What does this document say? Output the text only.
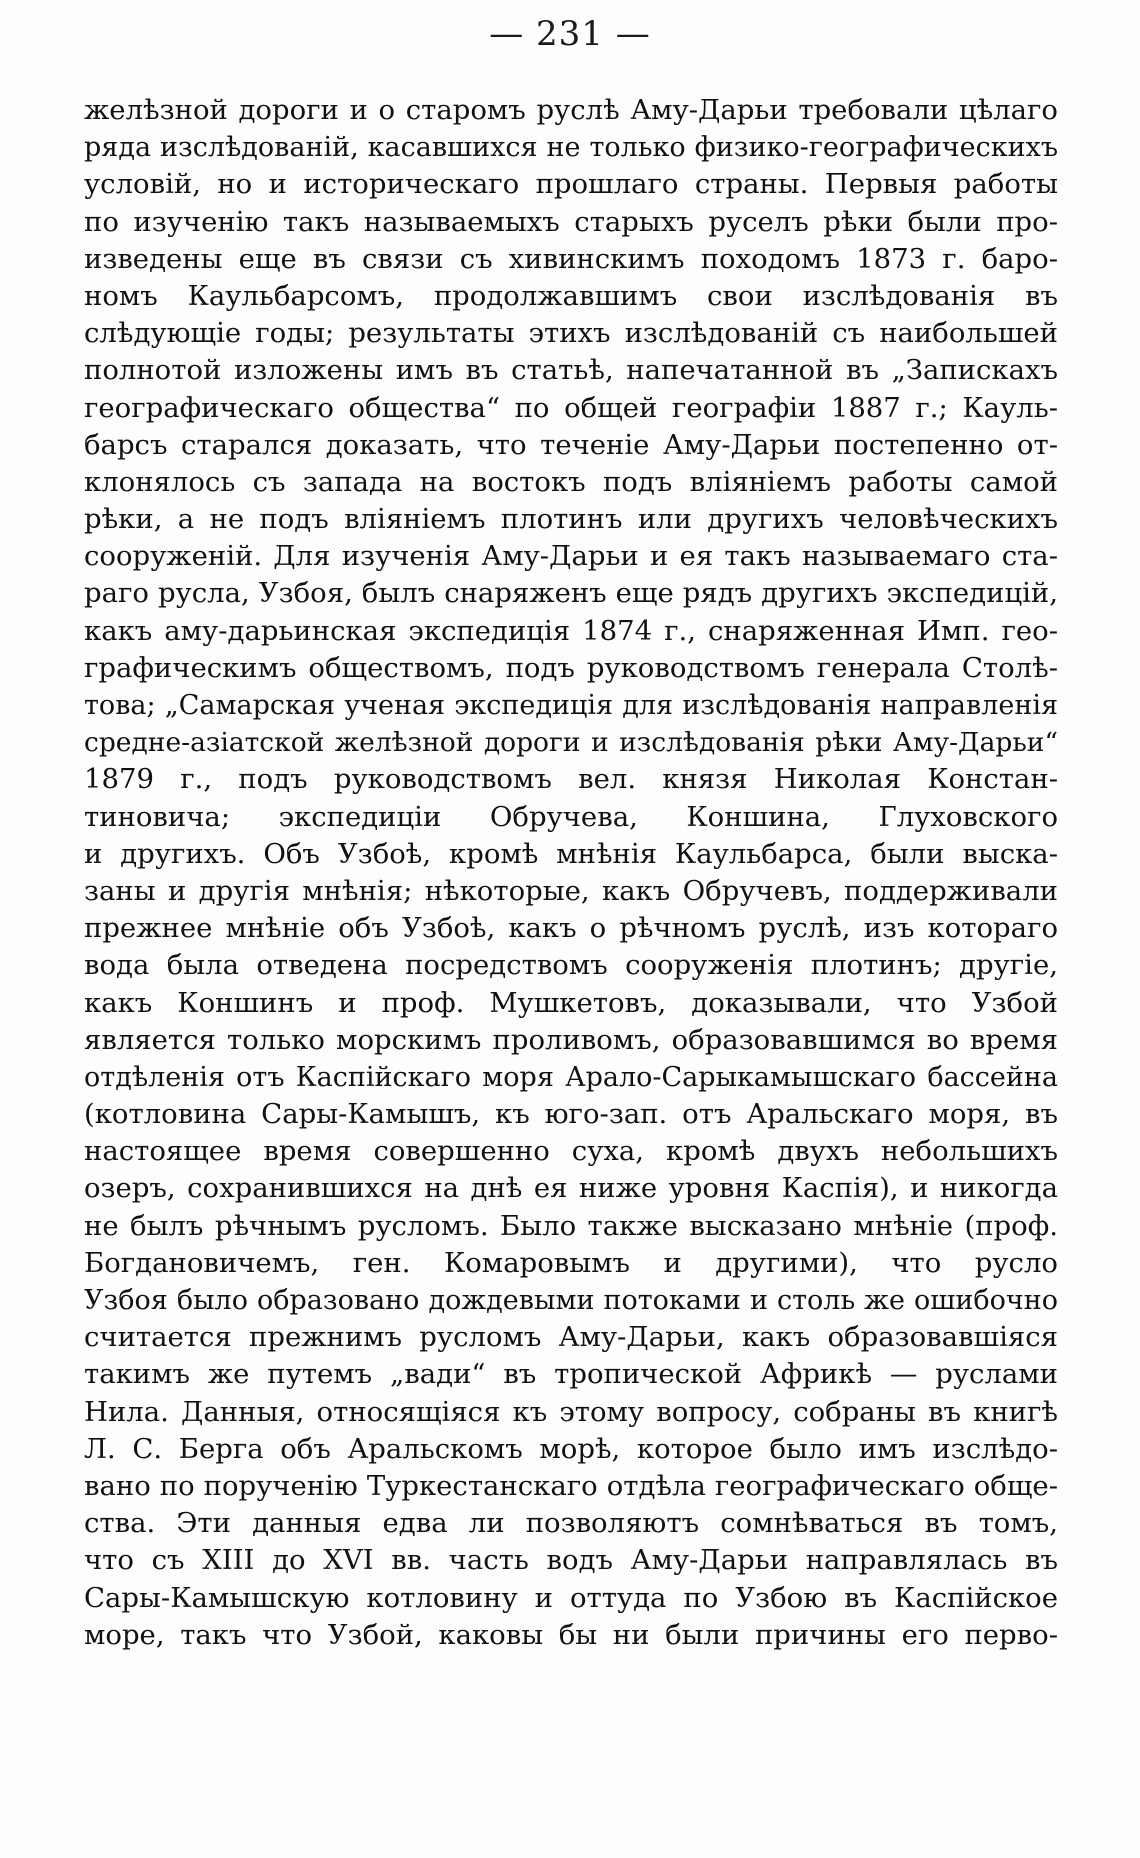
— 231 —
желѣзной дороги и о старомъ руслѣ Аму-Дарьи требовали цѣлаго
ряда изслѣдованій, касавшихся не только физико-географическихъ
условій, но и историческаго прошлаго страны. Первыя работы
по изученію такъ называемыхъ старыхъ руселъ рѣки были про-
изведены еще въ связи съ хивинскимъ походомъ 1873 г. баро-
номъ Каульбарсомъ, продолжавшимъ свои изслѣдованія въ
слѣдующіе годы; результаты этихъ изслѣдованій съ наибольшей
полнотой изложены имъ въ статьѣ, напечатанной въ „Запискахъ
географическаго общества“ по общей географіи 1887 г.; Кауль-
барсъ старался доказать, что теченіе Аму-Дарьи постепенно от-
клонялось съ запада на востокъ подъ вліяніемъ работы самой
рѣки, а не подъ вліяніемъ плотинъ или другихъ человѣческихъ
сооруженій. Для изученія Аму-Дарьи и ея такъ называемаго ста-
раго русла, Узбоя, былъ снаряженъ еще рядъ другихъ экспедицій,
какъ аму-дарьинская экспедиція 1874 г., снаряженная Имп. гео-
графическимъ обществомъ, подъ руководствомъ генерала Столѣ-
това; „Самарская ученая экспедиція для изслѣдованія направленія
средне-азіатской желѣзной дороги и изслѣдованія рѣки Аму-Дарьи“
1879 г., подъ руководствомъ вел. князя Николая Констан-
тиновича; экспедиціи Обручева, Коншина, Глуховского
и другихъ. Объ Узбоѣ, кромѣ мнѣнія Каульбарса, были выска-
заны и другія мнѣнія; нѣкоторые, какъ Обручевъ, поддерживали
прежнее мнѣніе объ Узбоѣ, какъ о рѣчномъ руслѣ, изъ котораго
вода была отведена посредствомъ сооруженія плотинъ; другіе,
какъ Коншинъ и проф. Мушкетовъ, доказывали, что Узбой
является только морскимъ проливомъ, образовавшимся во время
отдѣленія отъ Каспійскаго моря Арало-Сарыкамышскаго бассейна
(котловина Сары-Камышъ, къ юго-зап. отъ Аральскаго моря, въ
настоящее время совершенно суха, кромѣ двухъ небольшихъ
озеръ, сохранившихся на днѣ ея ниже уровня Каспія), и никогда
не былъ рѣчнымъ русломъ. Было также высказано мнѣніе (проф.
Богдановичемъ, ген. Комаровымъ и другими), что русло
Узбоя было образовано дождевыми потоками и столь же ошибочно
считается прежнимъ русломъ Аму-Дарьи, какъ образовавшіяся
такимъ же путемъ „вади“ въ тропической Африкѣ — руслами
Нила. Данныя, относящіяся къ этому вопросу, собраны въ книгѣ
Л. С. Берга объ Аральскомъ морѣ, которое было имъ изслѣдо-
вано по порученію Туркестанскаго отдѣла географическаго обще-
ства. Эти данныя едва ли позволяютъ сомнѣваться въ томъ,
что съ XIII до XVI вв. часть водъ Аму-Дарьи направлялась въ
Сары-Камышскую котловину и оттуда по Узбою въ Каспійское
море, такъ что Узбой, каковы бы ни были причины его перво-
